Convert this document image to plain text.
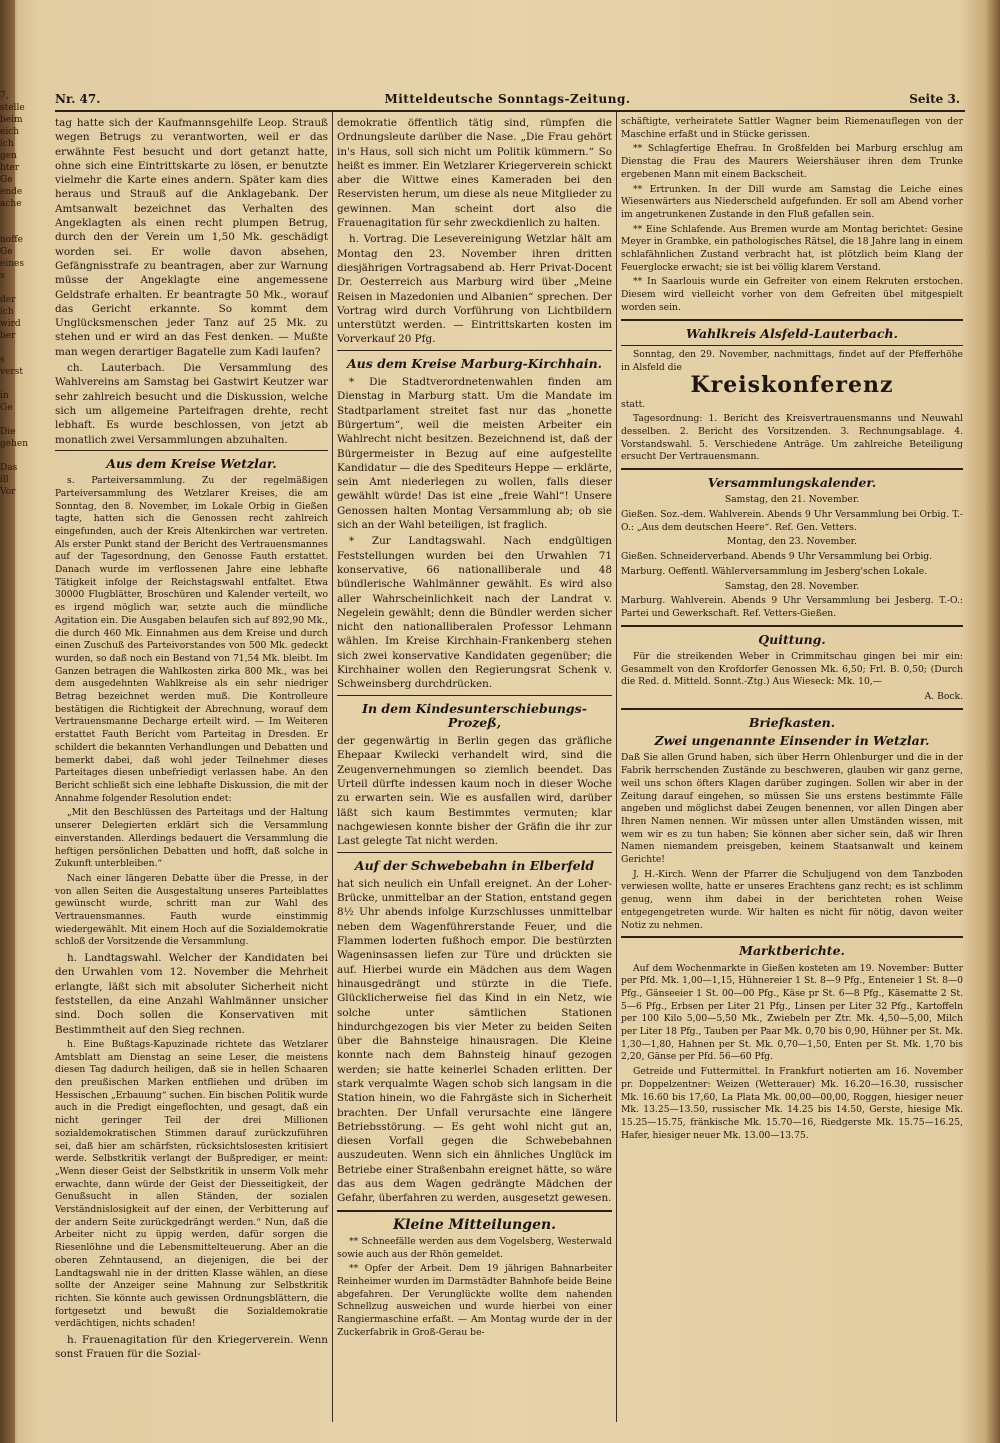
7,
stelle
beim
eich
ich
gen
hter
Ge
ende
ache

noffe
Ge
eines
s

der
ich
wird
ber

s
verst

in
Ge

Die
gehen

Das
ill
Vor
Nr. 47.	Mitteldeutsche Sonntags-Zeitung.	Seite 3.

tag hatte sich der Kaufmannsgehilfe Leop. Strauß wegen Betrugs zu verantworten, weil er das erwähnte Fest besucht und dort getanzt hatte, ohne sich eine Eintrittskarte zu lösen, er benutzte vielmehr die Karte eines andern. Später kam dies heraus und Strauß auf die Anklagebank. Der Amtsanwalt bezeichnet das Verhalten des Angeklagten als einen recht plumpen Betrug, durch den der Verein um 1,50 Mk. geschädigt worden sei. Er wolle davon absehen, Gefängnisstrafe zu beantragen, aber zur Warnung müsse der Angeklagte eine angemessene Geldstrafe erhalten. Er beantragte 50 Mk., worauf das Gericht erkannte. So kommt dem Unglücksmenschen jeder Tanz auf 25 Mk. zu stehen und er wird an das Fest denken. — Mußte man wegen derartiger Bagatelle zum Kadi laufen?

ch. Lauterbach. Die Versammlung des Wahlvereins am Samstag bei Gastwirt Keutzer war sehr zahlreich besucht und die Diskussion, welche sich um allgemeine Parteifragen drehte, recht lebhaft. Es wurde beschlossen, von jetzt ab monatlich zwei Versammlungen abzuhalten.

Aus dem Kreise Wetzlar.

s. Parteiversammlung. Zu der regelmäßigen Parteiversammlung des Wetzlarer Kreises, die am Sonntag, den 8. November, im Lokale Orbig in Gießen tagte, hatten sich die Genossen recht zahlreich eingefunden, auch der Kreis Altenkirchen war vertreten. Als erster Punkt stand der Bericht des Vertrauensmannes auf der Tagesordnung, den Genosse Fauth erstattet. Danach wurde im verflossenen Jahre eine lebhafte Tätigkeit infolge der Reichstagswahl entfaltet. Etwa 30000 Flugblätter, Broschüren und Kalender verteilt, wo es irgend möglich war, setzte auch die mündliche Agitation ein. Die Ausgaben belaufen sich auf 892,90 Mk., die durch 460 Mk. Einnahmen aus dem Kreise und durch einen Zuschuß des Parteivorstandes von 500 Mk. gedeckt wurden, so daß noch ein Bestand von 71,54 Mk. bleibt. Im Ganzen betragen die Wahlkosten zirka 800 Mk., was bei dem ausgedehnten Wahlkreise als ein sehr niedriger Betrag bezeichnet werden muß. Die Kontrolleure bestätigen die Richtigkeit der Abrechnung, worauf dem Vertrauensmanne Decharge erteilt wird. — Im Weiteren erstattet Fauth Bericht vom Parteitag in Dresden. Er schildert die bekannten Verhandlungen und Debatten und bemerkt dabei, daß wohl jeder Teilnehmer dieses Parteitages diesen unbefriedigt verlassen habe. An den Bericht schließt sich eine lebhafte Diskussion, die mit der Annahme folgender Resolution endet:

„Mit den Beschlüssen des Parteitags und der Haltung unserer Delegierten erklärt sich die Versammlung einverstanden. Allerdings bedauert die Versammlung die heftigen persönlichen Debatten und hofft, daß solche in Zukunft unterbleiben.“

Nach einer längeren Debatte über die Presse, in der von allen Seiten die Ausgestaltung unseres Parteiblattes gewünscht wurde, schritt man zur Wahl des Vertrauensmannes. Fauth wurde einstimmig wiedergewählt. Mit einem Hoch auf die Sozialdemokratie schloß der Vorsitzende die Versammlung.

h. Landtagswahl. Welcher der Kandidaten bei den Urwahlen vom 12. November die Mehrheit erlangte, läßt sich mit absoluter Sicherheit nicht feststellen, da eine Anzahl Wahlmänner unsicher sind. Doch sollen die Konservativen mit Bestimmtheit auf den Sieg rechnen.

h. Eine Bußtags-Kapuzinade richtete das Wetzlarer Amtsblatt am Dienstag an seine Leser, die meistens diesen Tag dadurch heiligen, daß sie in hellen Schaaren den preußischen Marken entfliehen und drüben im Hessischen „Erbauung“ suchen. Ein bischen Politik wurde auch in die Predigt eingeflochten, und gesagt, daß ein nicht geringer Teil der drei Millionen sozialdemokratischen Stimmen darauf zurückzuführen sei, daß hier am schärfsten, rücksichtslosesten kritisiert werde. Selbstkritik verlangt der Bußprediger, er meint: „Wenn dieser Geist der Selbstkritik in unserm Volk mehr erwachte, dann würde der Geist der Diesseitigkeit, der Genußsucht in allen Ständen, der sozialen Verständnislosigkeit auf der einen, der Verbitterung auf der andern Seite zurückgedrängt werden.“ Nun, daß die Arbeiter nicht zu üppig werden, dafür sorgen die Riesenlöhne und die Lebensmittelteuerung. Aber an die oberen Zehntausend, an diejenigen, die bei der Landtagswahl nie in der dritten Klasse wählen, an diese sollte der Anzeiger seine Mahnung zur Selbstkritik richten. Sie könnte auch gewissen Ordnungsblättern, die fortgesetzt und bewußt die Sozialdemokratie verdächtigen, nichts schaden!

h. Frauenagitation für den Kriegerverein. Wenn sonst Frauen für die Sozial-

demokratie öffentlich tätig sind, rümpfen die Ordnungsleute darüber die Nase. „Die Frau gehört in's Haus, soll sich nicht um Politik kümmern.“ So heißt es immer. Ein Wetzlarer Kriegerverein schickt aber die Wittwe eines Kameraden bei den Reservisten herum, um diese als neue Mitglieder zu gewinnen. Man scheint dort also die Frauenagitation für sehr zweckdienlich zu halten.

h. Vortrag. Die Lesevereinigung Wetzlar hält am Montag den 23. November ihren dritten diesjährigen Vortragsabend ab. Herr Privat-Docent Dr. Oesterreich aus Marburg wird über „Meine Reisen in Mazedonien und Albanien“ sprechen. Der Vortrag wird durch Vorführung von Lichtbildern unterstützt werden. — Eintrittskarten kosten im Vorverkauf 20 Pfg.

Aus dem Kreise Marburg-Kirchhain.

* Die Stadtverordnetenwahlen finden am Dienstag in Marburg statt. Um die Mandate im Stadtparlament streitet fast nur das „honette Bürgertum“, weil die meisten Arbeiter ein Wahlrecht nicht besitzen. Bezeichnend ist, daß der Bürgermeister in Bezug auf eine aufgestellte Kandidatur — die des Spediteurs Heppe — erklärte, sein Amt niederlegen zu wollen, falls dieser gewählt würde! Das ist eine „freie Wahl“! Unsere Genossen halten Montag Versammlung ab; ob sie sich an der Wahl beteiligen, ist fraglich.

* Zur Landtagswahl. Nach endgültigen Feststellungen wurden bei den Urwahlen 71 konservative, 66 nationalliberale und 48 bündlerische Wahlmänner gewählt. Es wird also aller Wahrscheinlichkeit nach der Landrat v. Negelein gewählt; denn die Bündler werden sicher nicht den nationalliberalen Professor Lehmann wählen. Im Kreise Kirchhain-Frankenberg stehen sich zwei konservative Kandidaten gegenüber; die Kirchhainer wollen den Regierungsrat Schenk v. Schweinsberg durchdrücken.

In dem Kindesunterschiebungs-Prozeß,

der gegenwärtig in Berlin gegen das gräfliche Ehepaar Kwilecki verhandelt wird, sind die Zeugenvernehmungen so ziemlich beendet. Das Urteil dürfte indessen kaum noch in dieser Woche zu erwarten sein. Wie es ausfallen wird, darüber läßt sich kaum Bestimmtes vermuten; klar nachgewiesen konnte bisher der Gräfin die ihr zur Last gelegte Tat nicht werden.

Auf der Schwebebahn in Elberfeld

hat sich neulich ein Unfall ereignet. An der Loher-Brücke, unmittelbar an der Station, entstand gegen 8½ Uhr abends infolge Kurzschlusses unmittelbar neben dem Wagenführerstande Feuer, und die Flammen loderten fußhoch empor. Die bestürzten Wageninsassen liefen zur Türe und drückten sie auf. Hierbei wurde ein Mädchen aus dem Wagen hinausgedrängt und stürzte in die Tiefe. Glücklicherweise fiel das Kind in ein Netz, wie solche unter sämtlichen Stationen hindurchgezogen bis vier Meter zu beiden Seiten über die Bahnsteige hinausragen. Die Kleine konnte nach dem Bahnsteig hinauf gezogen werden; sie hatte keinerlei Schaden erlitten. Der stark verqualmte Wagen schob sich langsam in die Station hinein, wo die Fahrgäste sich in Sicherheit brachten. Der Unfall verursachte eine längere Betriebsstörung. — Es geht wohl nicht gut an, diesen Vorfall gegen die Schwebebahnen auszudeuten. Wenn sich ein ähnliches Unglück im Betriebe einer Straßenbahn ereignet hätte, so wäre das aus dem Wagen gedrängte Mädchen der Gefahr, überfahren zu werden, ausgesetzt gewesen.

Kleine Mitteilungen.

** Schneefälle werden aus dem Vogelsberg, Westerwald sowie auch aus der Rhön gemeldet.

** Opfer der Arbeit. Dem 19 jährigen Bahnarbeiter Reinheimer wurden im Darmstädter Bahnhofe beide Beine abgefahren. Der Verunglückte wollte dem nahenden Schnellzug ausweichen und wurde hierbei von einer Rangiermaschine erfaßt. — Am Montag wurde der in der Zuckerfabrik in Groß-Gerau be-

schäftigte, verheiratete Sattler Wagner beim Riemenauflegen von der Maschine erfaßt und in Stücke gerissen.

** Schlagfertige Ehefrau. In Großfelden bei Marburg erschlug am Dienstag die Frau des Maurers Weiershäuser ihren dem Trunke ergebenen Mann mit einem Backscheit.

** Ertrunken. In der Dill wurde am Samstag die Leiche eines Wiesenwärters aus Niederscheld aufgefunden. Er soll am Abend vorher im angetrunkenen Zustande in den Fluß gefallen sein.

** Eine Schlafende. Aus Bremen wurde am Montag berichtet: Gesine Meyer in Grambke, ein pathologisches Rätsel, die 18 Jahre lang in einem schlafähnlichen Zustand verbracht hat, ist plötzlich beim Klang der Feuerglocke erwacht; sie ist bei völlig klarem Verstand.

** In Saarlouis wurde ein Gefreiter von einem Rekruten erstochen. Diesem wird vielleicht vorher von dem Gefreiten übel mitgespielt worden sein.

Wahlkreis Alsfeld-Lauterbach.

Sonntag, den 29. November, nachmittags, findet auf der Pfefferhöhe in Alsfeld die

Kreiskonferenz

statt.

Tagesordnung: 1. Bericht des Kreisvertrauensmanns und Neuwahl desselben. 2. Bericht des Vorsitzenden. 3. Rechnungsablage. 4. Vorstandswahl. 5. Verschiedene Anträge. Um zahlreiche Beteiligung ersucht Der Vertrauensmann.

Versammlungskalender.

Samstag, den 21. November.

Gießen. Soz.-dem. Wahlverein. Abends 9 Uhr Versammlung bei Orbig. T.-O.: „Aus dem deutschen Heere“. Ref. Gen. Vetters.

Montag, den 23. November.

Gießen. Schneiderverband. Abends 9 Uhr Versammlung bei Orbig.

Marburg. Oeffentl. Wählerversammlung im Jesberg'schen Lokale.

Samstag, den 28. November.

Marburg. Wahlverein. Abends 9 Uhr Versammlung bei Jesberg. T.-O.: Partei und Gewerkschaft. Ref. Vetters-Gießen.

Quittung.

Für die streikenden Weber in Crimmitschau gingen bei mir ein: Gesammelt von den Krofdorfer Genossen Mk. 6,50; Frl. B. 0,50; (Durch die Red. d. Mitteld. Sonnt.-Ztg.) Aus Wieseck: Mk. 10,—

A. Bock.

Briefkasten.
Zwei ungenannte Einsender in Wetzlar.

Daß Sie allen Grund haben, sich über Herrn Ohlenburger und die in der Fabrik herrschenden Zustände zu beschweren, glauben wir ganz gerne, weil uns schon öfters Klagen darüber zugingen. Sollen wir aber in der Zeitung darauf eingehen, so müssen Sie uns erstens bestimmte Fälle angeben und möglichst dabei Zeugen benennen, vor allen Dingen aber Ihren Namen nennen. Wir müssen unter allen Umständen wissen, mit wem wir es zu tun haben; Sie können aber sicher sein, daß wir Ihren Namen niemandem preisgeben, keinem Staatsanwalt und keinem Gerichte!

J. H.-Kirch. Wenn der Pfarrer die Schuljugend von dem Tanzboden verwiesen wollte, hatte er unseres Erachtens ganz recht; es ist schlimm genug, wenn ihm dabei in der berichteten rohen Weise entgegengetreten wurde. Wir halten es nicht für nötig, davon weiter Notiz zu nehmen.

Marktberichte.

Auf dem Wochenmarkte in Gießen kosteten am 19. November: Butter per Pfd. Mk. 1,00—1,15, Hühnereier 1 St. 8—9 Pfg., Enteneier 1 St. 8—0 Pfg., Gänseeier 1 St. 00—00 Pfg., Käse pr St. 6—8 Pfg., Käsematte 2 St. 5—6 Pfg., Erbsen per Liter 21 Pfg., Linsen per Liter 32 Pfg., Kartoffeln per 100 Kilo 5,00—5,50 Mk., Zwiebeln per Ztr. Mk. 4,50—5,00, Milch per Liter 18 Pfg., Tauben per Paar Mk. 0,70 bis 0,90, Hühner per St. Mk. 1,30—1,80, Hahnen per St. Mk. 0,70—1,50, Enten per St. Mk. 1,70 bis 2,20, Gänse per Pfd. 56—60 Pfg.

Getreide und Futtermittel. In Frankfurt notierten am 16. November pr. Doppelzentner: Weizen (Wetterauer) Mk. 16.20—16.30, russischer Mk. 16.60 bis 17,60, La Plata Mk. 00,00—00,00, Roggen, hiesiger neuer Mk. 13.25—13.50, russischer Mk. 14.25 bis 14.50, Gerste, hiesige Mk. 15.25—15.75, fränkische Mk. 15.70—16, Riedgerste Mk. 15.75—16.25, Hafer, hiesiger neuer Mk. 13.00—13.75.
